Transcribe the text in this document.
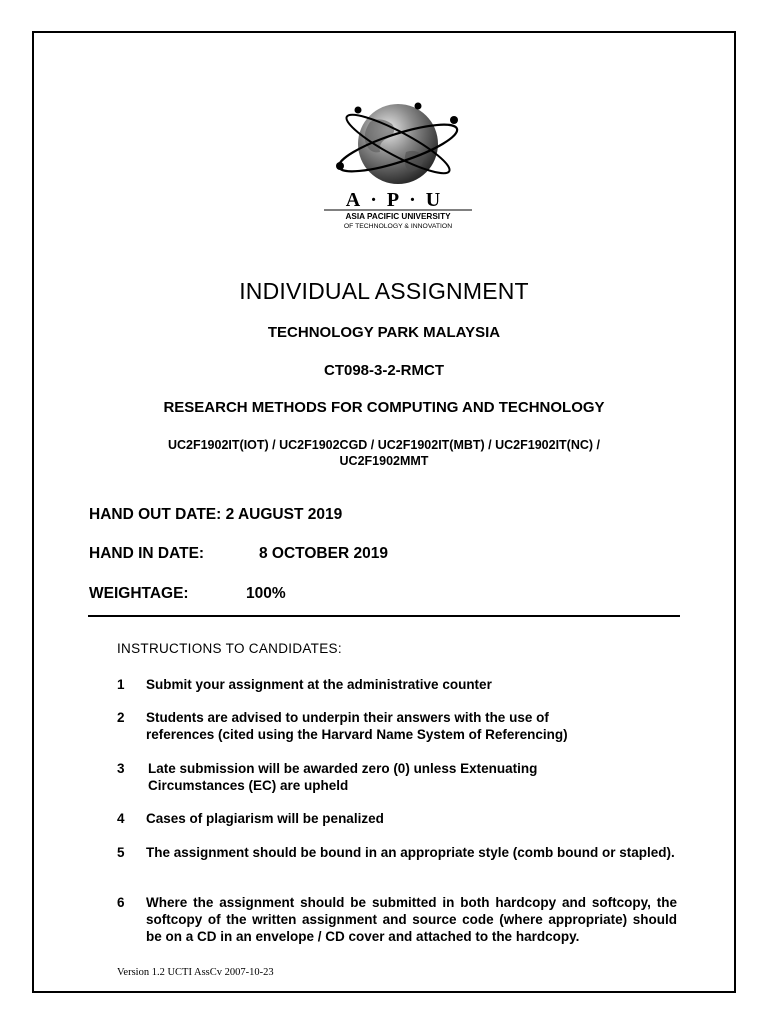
A·P·U
ASIA PACIFIC UNIVERSITY
OF TECHNOLOGY & INNOVATION
INDIVIDUAL ASSIGNMENT
TECHNOLOGY PARK MALAYSIA
CT098-3-2-RMCT
RESEARCH METHODS FOR COMPUTING AND TECHNOLOGY
UC2F1902IT(IOT) / UC2F1902CGD / UC2F1902IT(MBT) / UC2F1902IT(NC) /
UC2F1902MMT
HAND OUT DATE: 2 AUGUST 2019
HAND IN DATE:	8 OCTOBER 2019
WEIGHTAGE:	100%
INSTRUCTIONS TO CANDIDATES:
1	Submit your assignment at the administrative counter
2	Students are advised to underpin their answers with the use of references (cited using the Harvard Name System of Referencing)
3	Late submission will be awarded zero (0) unless Extenuating Circumstances (EC) are upheld
4	Cases of plagiarism will be penalized
5	The assignment should be bound in an appropriate style (comb bound or stapled).
6	Where the assignment should be submitted in both hardcopy and softcopy, the softcopy of the written assignment and source code (where appropriate) should be on a CD in an envelope / CD cover and attached to the hardcopy.
Version 1.2 UCTI AssCv 2007-10-23
